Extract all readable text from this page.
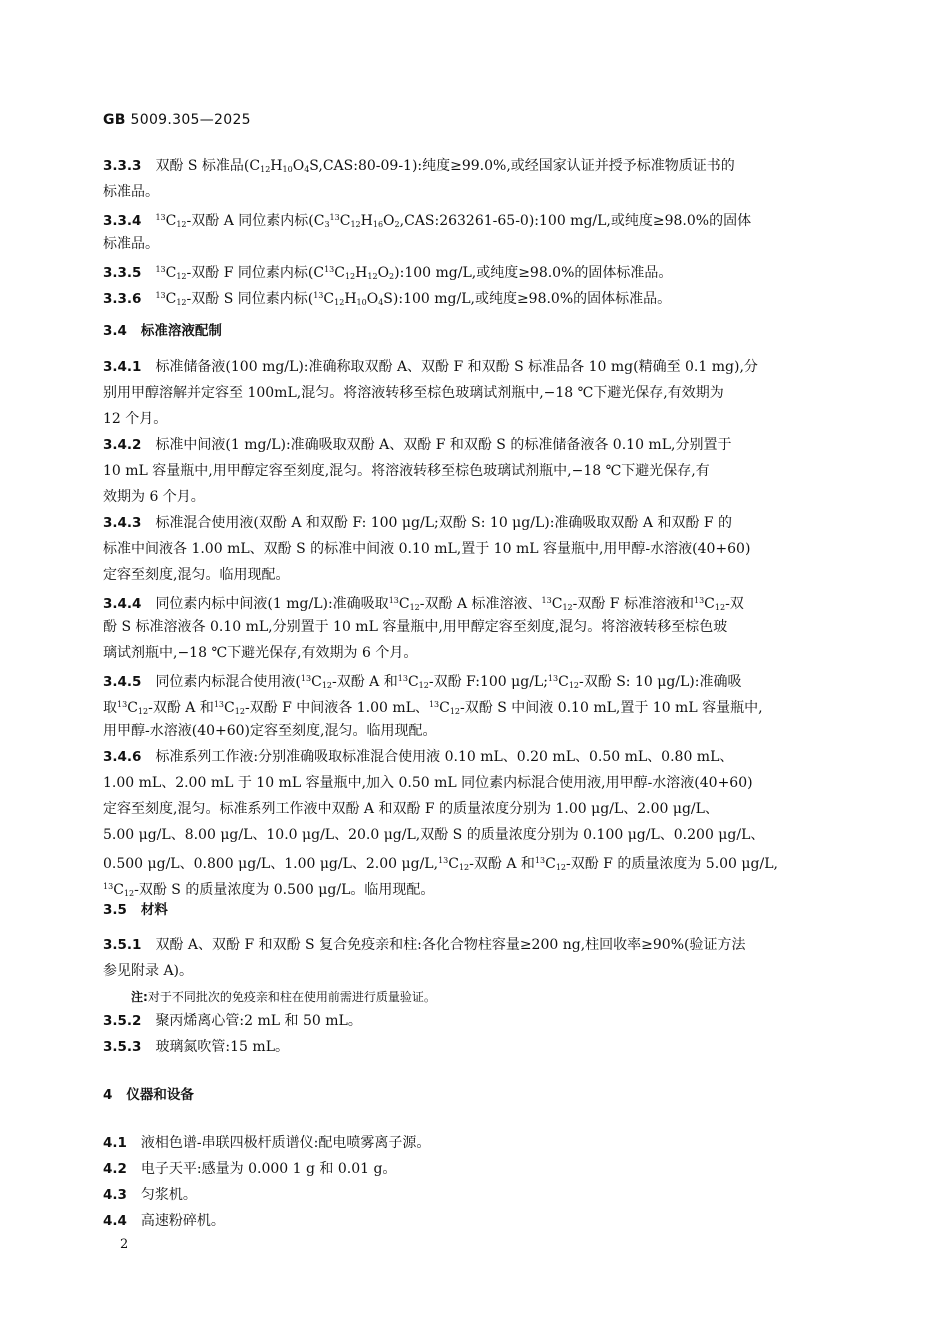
GB 5009.305—2025
3.3.3 双酚 S 标准品$(C_{12}H_{10}O_4S,CAS:80-09-1)$:纯度≥99.0%,或经国家认证并授予标准物质证书的
标准品。
3.3.4 $^{13}C_{12}-$双酚 A 同位素内标$(C_3^{13}C_{12}H_{16}O_2,CAS:263261-65-0):100$ mg/L,或纯度≥98.0%的固体
标准品。
3.3.5 $^{13}C_{12}-$双酚 F 同位素内标$(C^{13}C_{12}H_{12}O_2):100$ mg/L,或纯度≥98.0%的固体标准品。
3.3.6 $^{13}C_{12}-$双酚 S 同位素内标$(^{13}C_{12}H_{10}O_4S):100$ mg/L,或纯度≥98.0%的固体标准品。
3.4 标准溶液配制
3.4.1 标准储备液(100 mg/L):准确称取双酚 A、双酚 F 和双酚 S 标准品各 10 mg(精确至 0.1 mg),分
别用甲醇溶解并定容至 100mL,混匀。将溶液转移至棕色玻璃试剂瓶中,−18 ℃下避光保存,有效期为
12 个月。
3.4.2 标准中间液(1 mg/L):准确吸取双酚 A、双酚 F 和双酚 S 的标准储备液各 0.10 mL,分别置于
10 mL 容量瓶中,用甲醇定容至刻度,混匀。将溶液转移至棕色玻璃试剂瓶中,−18 ℃下避光保存,有
效期为 6 个月。
3.4.3 标准混合使用液(双酚 A 和双酚 F: 100 μg/L;双酚 S: 10 μg/L):准确吸取双酚 A 和双酚 F 的
标准中间液各 1.00 mL、双酚 S 的标准中间液 0.10 mL,置于 10 mL 容量瓶中,用甲醇-水溶液(40+60)
定容至刻度,混匀。临用现配。
3.4.4 同位素内标中间液(1 mg/L):准确吸取$^{13}C_{12}-$双酚 A 标准溶液、$^{13}C_{12}-$双酚 F 标准溶液和$^{13}C_{12}-$双
酚 S 标准溶液各 0.10 mL,分别置于 10 mL 容量瓶中,用甲醇定容至刻度,混匀。将溶液转移至棕色玻
璃试剂瓶中,−18 ℃下避光保存,有效期为 6 个月。
3.4.5 同位素内标混合使用液($^{13}C_{12}-$双酚 A 和$^{13}C_{12}-$双酚 F:100 $\mu g/L;^{13}C_{12}-$双酚 S: 10 μg/L):准确吸
取$^{13}C_{12}-$双酚 A 和$^{13}C_{12}-$双酚 F 中间液各 1.00 mL、$^{13}C_{12}-$双酚 S 中间液 0.10 mL,置于 10 mL 容量瓶中,
用甲醇-水溶液(40+60)定容至刻度,混匀。临用现配。
3.4.6 标准系列工作液:分别准确吸取标准混合使用液 0.10 mL、0.20 mL、0.50 mL、0.80 mL、
1.00 mL、2.00 mL 于 10 mL 容量瓶中,加入 0.50 mL 同位素内标混合使用液,用甲醇-水溶液(40+60)
定容至刻度,混匀。标准系列工作液中双酚 A 和双酚 F 的质量浓度分别为 1.00 μg/L、2.00 μg/L、
5.00 μg/L、8.00 μg/L、10.0 μg/L、20.0 μg/L,双酚 S 的质量浓度分别为 0.100 μg/L、0.200 μg/L、
0.500 μg/L、0.800 μg/L、1.00 μg/L、2.00 $\mu g/L,^{13}C_{12}-$双酚 A 和$^{13}C_{12}-$双酚 F 的质量浓度为 5.00 μg/L,
$^{13}C_{12}-$双酚 S 的质量浓度为 0.500 μg/L。临用现配。
3.5 材料
3.5.1 双酚 A、双酚 F 和双酚 S 复合免疫亲和柱:各化合物柱容量≥200 ng,柱回收率≥90%(验证方法
参见附录 A)。
注:对于不同批次的免疫亲和柱在使用前需进行质量验证。
3.5.2 聚丙烯离心管:2 mL 和 50 mL。
3.5.3 玻璃氮吹管:15 mL。
4 仪器和设备
4.1 液相色谱-串联四极杆质谱仪:配电喷雾离子源。
4.2 电子天平:感量为 0.000 1 g 和 0.01 g。
4.3 匀浆机。
4.4 高速粉碎机。
2
